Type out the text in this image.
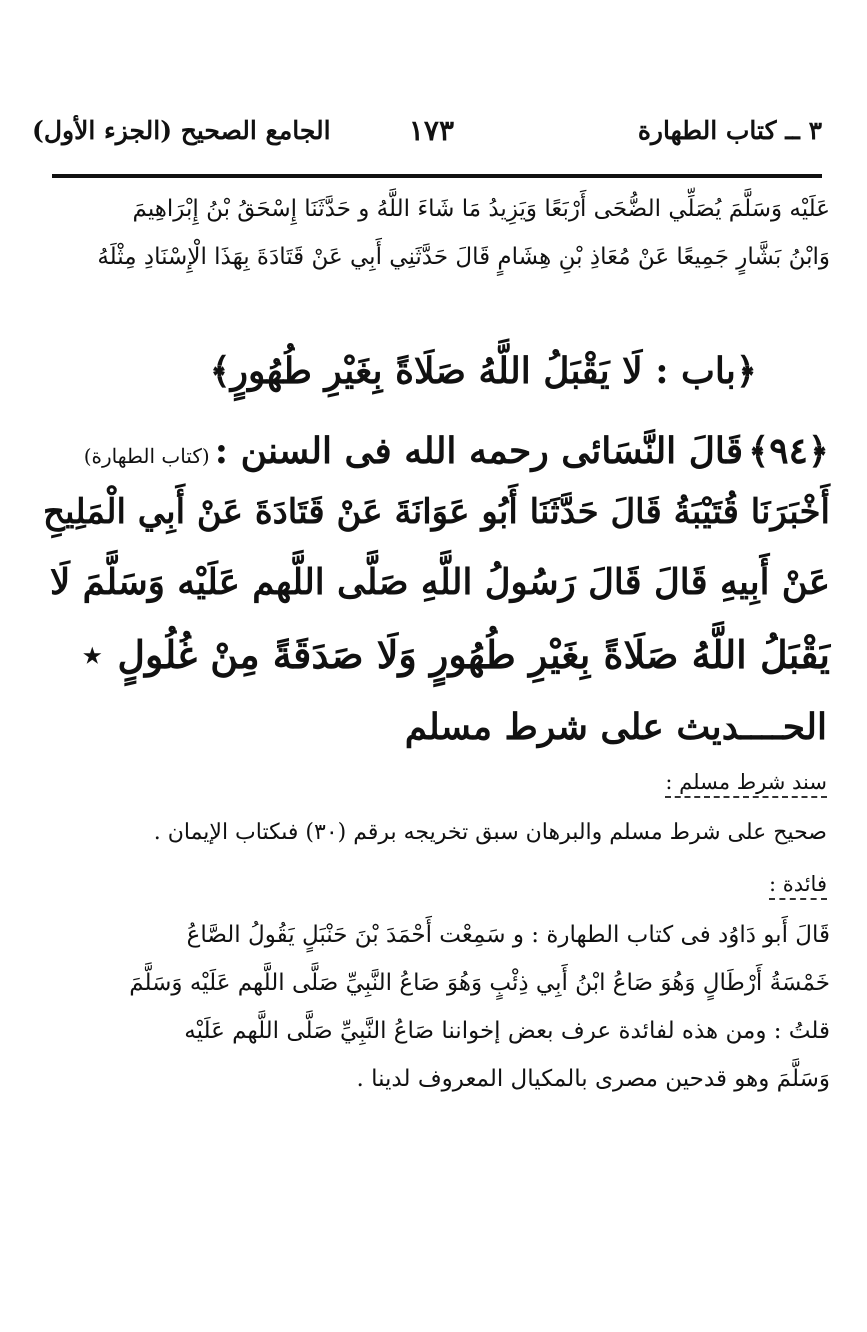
٣ ــ كتاب الطهارة
١٧٣
الجامع الصحيح (الجزء الأول)
عَلَيْه وَسَلَّمَ يُصَلِّي الضُّحَى أَرْبَعًا وَيَزِيدُ مَا شَاءَ اللَّهُ و حَدَّثَنَا إِسْحَقُ بْنُ إِبْرَاهِيمَ
وَابْنُ بَشَّارٍ جَمِيعًا عَنْ مُعَاذِ بْنِ هِشَامٍ قَالَ حَدَّثَنِي أَبِي عَنْ قَتَادَةَ بِهَذَا الْإِسْنَادِ مِثْلَهُ
﴿باب : لَا يَقْبَلُ اللَّهُ صَلَاةً بِغَيْرِ طُهُورٍ﴾
﴿٩٤﴾ قَالَ النَّسَائى رحمه الله فى السنن : (كتاب الطهارة)
أَخْبَرَنَا قُتَيْبَةُ قَالَ حَدَّثَنَا أَبُو عَوَانَةَ عَنْ قَتَادَةَ عَنْ أَبِي الْمَلِيحِ
عَنْ أَبِيهِ قَالَ قَالَ رَسُولُ اللَّهِ صَلَّى اللَّهم عَلَيْه وَسَلَّمَ لَا
يَقْبَلُ اللَّهُ صَلَاةً بِغَيْرِ طُهُورٍ وَلَا صَدَقَةً مِنْ غُلُولٍ ⋆
الحــــديث على شرط مسلم
سند شرط مسلم :
صحيح على شرط مسلم والبرهان سبق تخريجه برقم (٣٠) فىكتاب الإيمان .
فائدة :
قَالَ أَبو دَاوُد فى كتاب الطهارة : و سَمِعْت أَحْمَدَ بْنَ حَنْبَلٍ يَقُولُ الصَّاعُ
خَمْسَةُ أَرْطَالٍ وَهُوَ صَاعُ ابْنُ أَبِي ذِئْبٍ وَهُوَ صَاعُ النَّبِيِّ صَلَّى اللَّهم عَلَيْه وَسَلَّمَ
قلتُ : ومن هذه لفائدة عرف بعض إخواننا صَاعُ النَّبِيِّ صَلَّى اللَّهم عَلَيْه
وَسَلَّمَ وهو قدحين مصرى بالمكيال المعروف لدينا .
